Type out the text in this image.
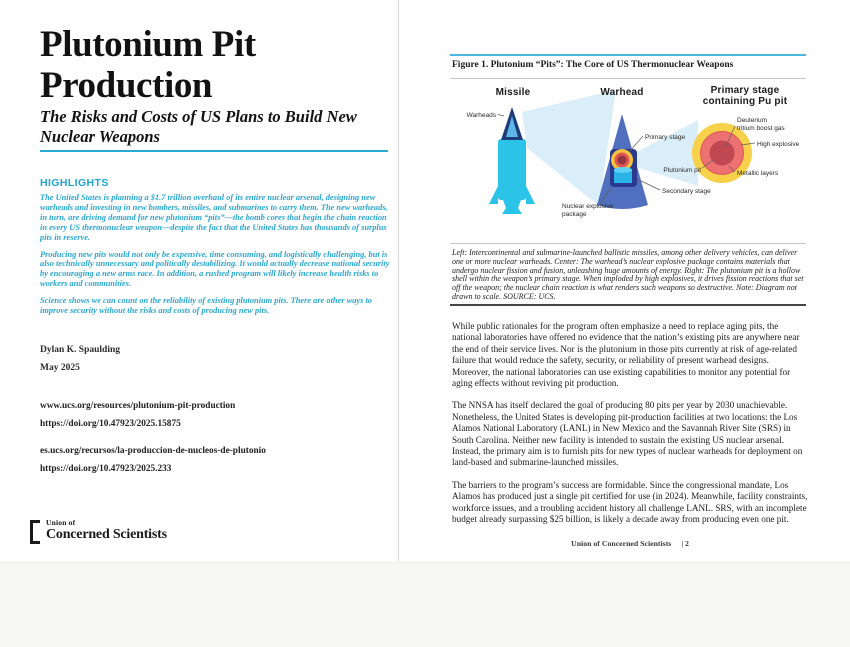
Plutonium Pit Production
The Risks and Costs of US Plans to Build New Nuclear Weapons
HIGHLIGHTS

The United States is planning a $1.7 trillion overhaul of its entire nuclear arsenal, designing new warheads and investing in new bombers, missiles, and submarines to carry them. The new warheads, in turn, are driving demand for new plutonium “pits”—the bomb cores that begin the chain reaction in every US thermonuclear weapon—despite the fact that the United States has thousands of surplus pits in reserve.

Producing new pits would not only be expensive, time consuming, and logistically challenging, but is also technically unnecessary and politically destabilizing. It would actually decrease national security by encouraging a new arms race. In addition, a rushed program will likely increase health risks to workers and communities.

Science shows we can count on the reliability of existing plutonium pits. There are other ways to improve security without the risks and costs of producing new pits.

Dylan K. Spaulding
May 2025
www.ucs.org/resources/plutonium-pit-production
https://doi.org/10.47923/2025.15875
es.ucs.org/recursos/la-produccion-de-nucleos-de-plutonio
https://doi.org/10.47923/2025.233
Union of
Concerned Scientists
Figure 1. Plutonium “Pits”: The Core of US Thermonuclear Weapons
Missile	Warhead	Primary stage
containing Pu pit
Warheads
Primary stage
Secondary stage
Nuclear explosive
package
Deuterium
tritium boost gas
High explosive
Metallic layers
Plutonium pit

Left: Intercontinental and submarine-launched ballistic missiles, among other delivery vehicles, can deliver one or more nuclear warheads. Center: The warhead’s nuclear explosive package contains materials that undergo nuclear fission and fusion, unleashing huge amounts of energy. Right: The plutonium pit is a hollow shell within the weapon’s primary stage. When imploded by high explosives, it drives fission reactions that set off the weapon; the nuclear chain reaction is what renders such weapons so destructive. Note: Diagram not drawn to scale. SOURCE: UCS.

While public rationales for the program often emphasize a need to replace aging pits, the national laboratories have offered no evidence that the nation’s existing pits are anywhere near the end of their service lives. Nor is the plutonium in those pits currently at risk of age-related failure that would reduce the safety, security, or reliability of present warhead designs. Moreover, the national laboratories can use existing capabilities to monitor any potential for aging effects without reviving pit production.

The NNSA has itself declared the goal of producing 80 pits per year by 2030 unachievable. Nonetheless, the United States is developing pit-production facilities at two locations: the Los Alamos National Laboratory (LANL) in New Mexico and the Savannah River Site (SRS) in South Carolina. Neither new facility is intended to sustain the existing US nuclear arsenal. Instead, the primary aim is to furnish pits for new types of nuclear warheads for deployment on land-based and submarine-launched missiles.

The barriers to the program’s success are formidable. Since the congressional mandate, Los Alamos has produced just a single pit certified for use (in 2024). Meanwhile, facility constraints, workforce issues, and a troubling accident history all challenge LANL. SRS, with an incomplete budget already surpassing $25 billion, is likely a decade away from producing even one pit.

Union of Concerned Scientists | 2
